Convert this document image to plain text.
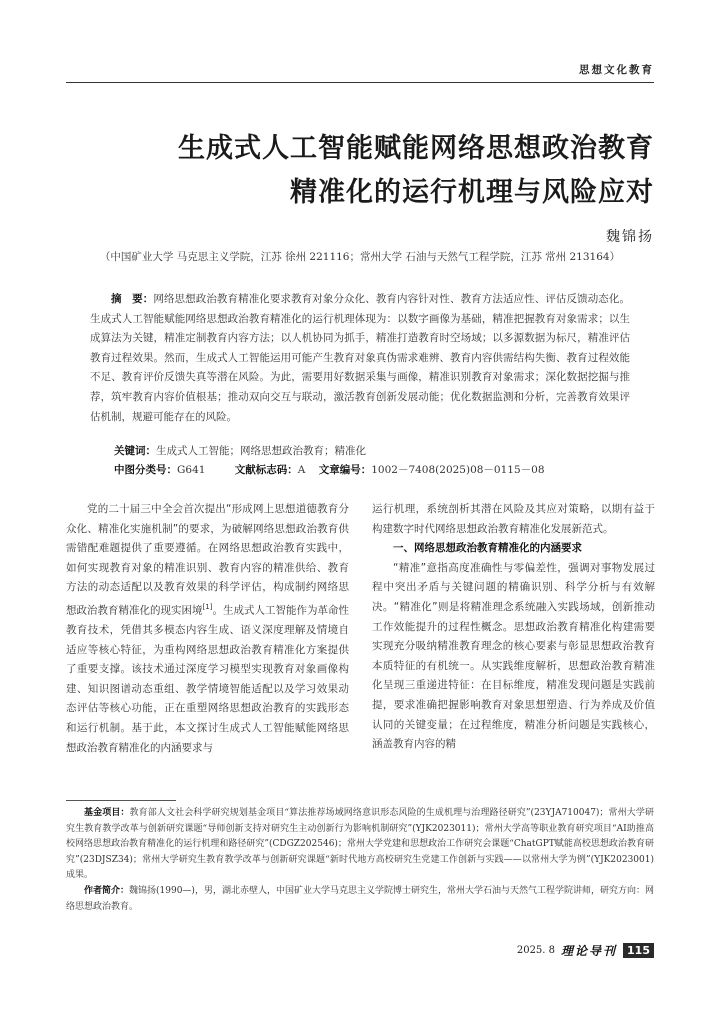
思想文化教育
生成式人工智能赋能网络思想政治教育
精准化的运行机理与风险应对
魏锦扬
（中国矿业大学 马克思主义学院，江苏 徐州 221116；常州大学 石油与天然气工程学院，江苏 常州 213164）
摘　要：网络思想政治教育精准化要求教育对象分众化、教育内容针对性、教育方法适应性、评估反馈动态化。生成式人工智能赋能网络思想政治教育精准化的运行机理体现为：以数字画像为基础，精准把握教育对象需求；以生成算法为关键，精准定制教育内容方法；以人机协同为抓手，精准打造教育时空场域；以多源数据为标尺，精准评估教育过程效果。然而，生成式人工智能运用可能产生教育对象真伪需求难辨、教育内容供需结构失衡、教育过程效能不足、教育评价反馈失真等潜在风险。为此，需要用好数据采集与画像，精准识别教育对象需求；深化数据挖掘与推荐，筑牢教育内容价值根基；推动双向交互与联动，激活教育创新发展动能；优化数据监测和分析，完善教育效果评估机制，规避可能存在的风险。
关键词：生成式人工智能；网络思想政治教育；精准化
中图分类号：G641	文献标志码：A 文章编号：1002－7408(2025)08－0115－08

党的二十届三中全会首次提出“形成网上思想道德教育分众化、精准化实施机制”的要求，为破解网络思想政治教育供需错配难题提供了重要遵循。在网络思想政治教育实践中，如何实现教育对象的精准识别、教育内容的精准供给、教育方法的动态适配以及教育效果的科学评估，构成制约网络思想政治教育精准化的现实困境[1]。生成式人工智能作为革命性教育技术，凭借其多模态内容生成、语义深度理解及情境自适应等核心特征，为重构网络思想政治教育精准化方案提供了重要支撑。该技术通过深度学习模型实现教育对象画像构建、知识图谱动态重组、教学情境智能适配以及学习效果动态评估等核心功能，正在重塑网络思想政治教育的实践形态和运行机制。基于此，本文探讨生成式人工智能赋能网络思想政治教育精准化的内涵要求与

运行机理，系统剖析其潜在风险及其应对策略，以期有益于构建数字时代网络思想政治教育精准化发展新范式。

一、网络思想政治教育精准化的内涵要求

“精准”意指高度准确性与零偏差性，强调对事物发展过程中突出矛盾与关键问题的精确识别、科学分析与有效解决。“精准化”则是将精准理念系统融入实践场域，创新推动工作效能提升的过程性概念。思想政治教育精准化构建需要实现充分吸纳精准教育理念的核心要素与彰显思想政治教育本质特征的有机统一。从实践维度解析，思想政治教育精准化呈现三重递进特征：在目标维度，精准发现问题是实践前提，要求准确把握影响教育对象思想塑造、行为养成及价值认同的关键变量；在过程维度，精准分析问题是实践核心，涵盖教育内容的精

基金项目：教育部人文社会科学研究规划基金项目“算法推荐场域网络意识形态风险的生成机理与治理路径研究”(23YJA710047)；常州大学研究生教育教学改革与创新研究课题“导师创新支持对研究生主动创新行为影响机制研究”(YJK2023011)；常州大学高等职业教育研究项目“AI助推高校网络思想政治教育精准化的运行机理和路径研究”(CDGZ202546)；常州大学党建和思想政治工作研究会课题“ChatGPT赋能高校思想政治教育研究”(23DJSZ34)；常州大学研究生教育教学改革与创新研究课题“新时代地方高校研究生党建工作创新与实践——以常州大学为例”(YJK2023001)成果。

作者简介：魏锦扬(1990—)，男，湖北赤壁人，中国矿业大学马克思主义学院博士研究生，常州大学石油与天然气工程学院讲师，研究方向：网络思想政治教育。

2025. 8 理论导刊 115
